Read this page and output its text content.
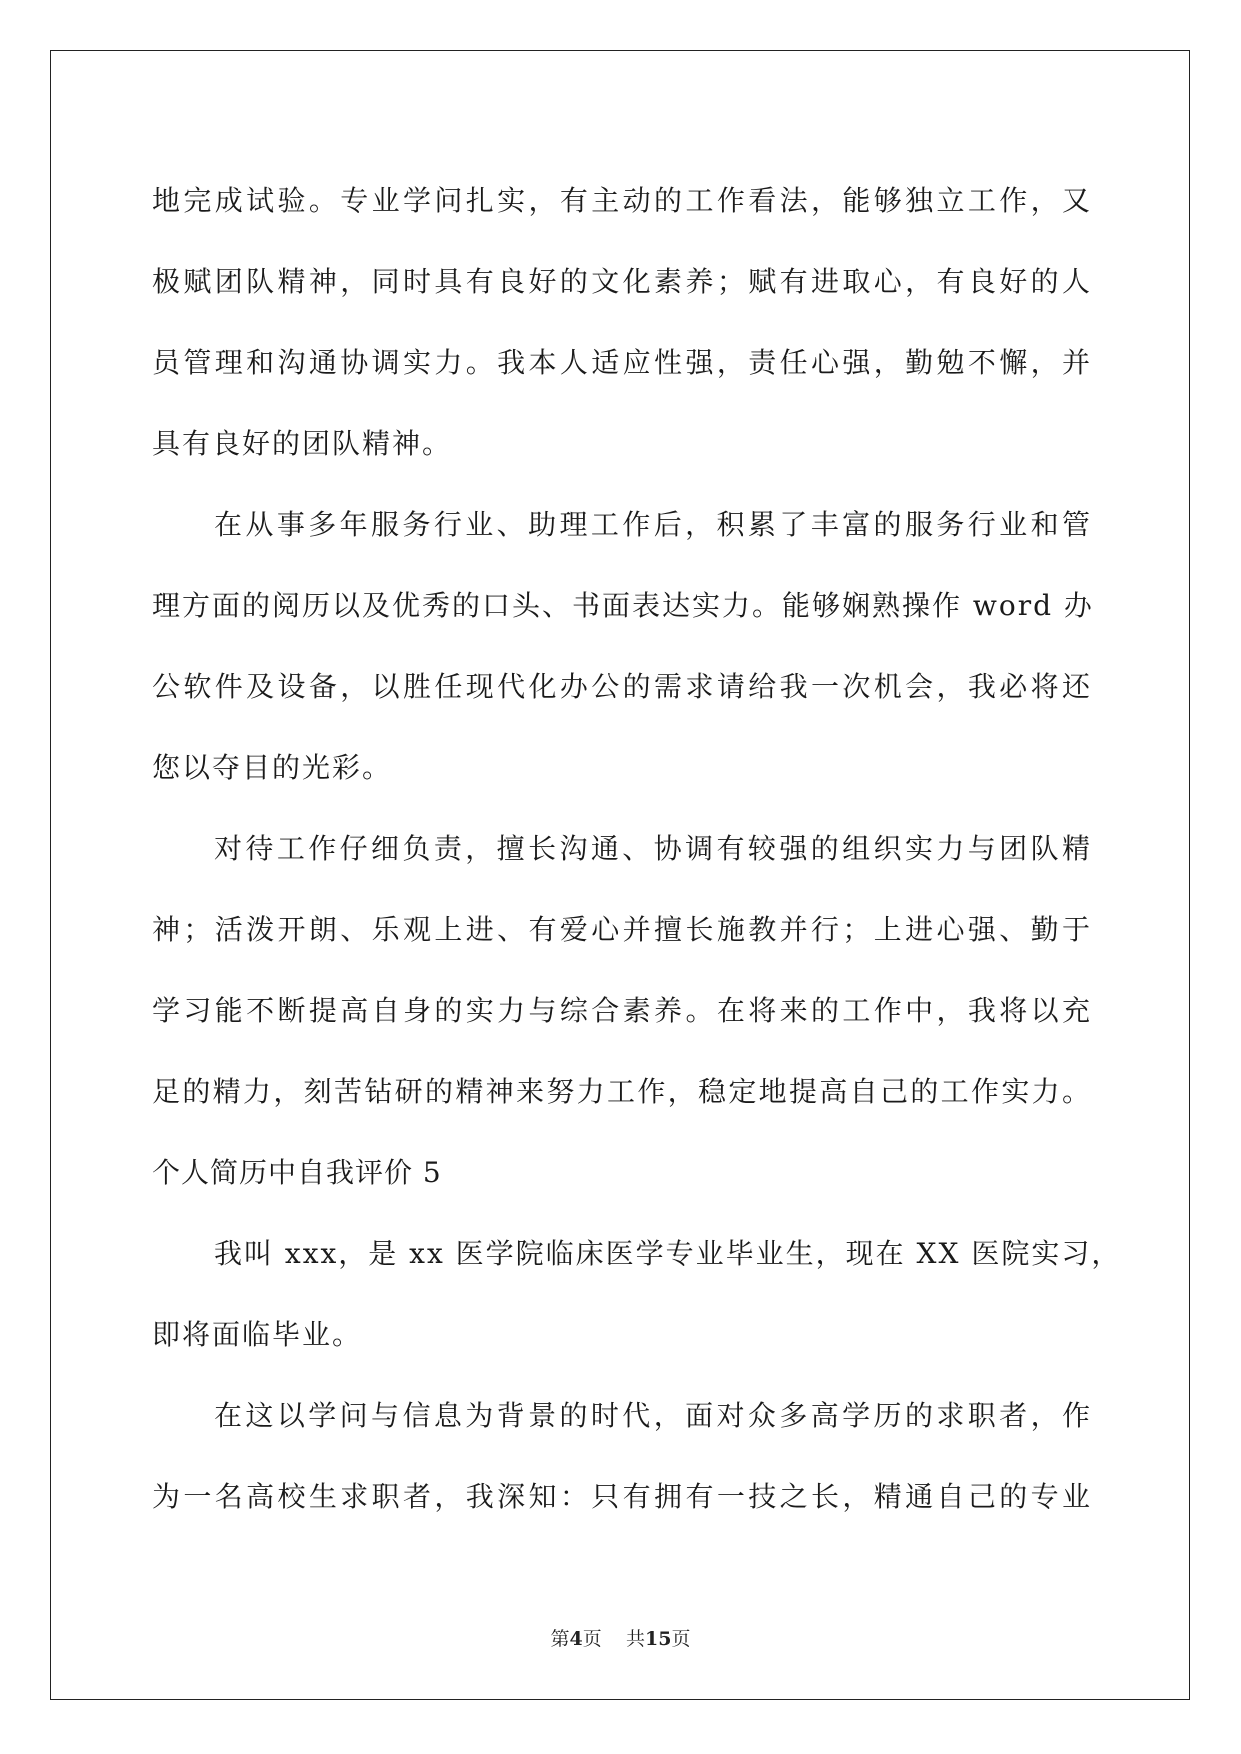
地完成试验。专业学问扎实，有主动的工作看法，能够独立工作，又
极赋团队精神，同时具有良好的文化素养；赋有进取心，有良好的人
员管理和沟通协调实力。我本人适应性强，责任心强，勤勉不懈，并
具有良好的团队精神。
在从事多年服务行业、助理工作后，积累了丰富的服务行业和管
理方面的阅历以及优秀的口头、书面表达实力。能够娴熟操作 word 办
公软件及设备，以胜任现代化办公的需求请给我一次机会，我必将还
您以夺目的光彩。
对待工作仔细负责，擅长沟通、协调有较强的组织实力与团队精
神；活泼开朗、乐观上进、有爱心并擅长施教并行；上进心强、勤于
学习能不断提高自身的实力与综合素养。在将来的工作中，我将以充
足的精力，刻苦钻研的精神来努力工作，稳定地提高自己的工作实力。
个人简历中自我评价 5
我叫 xxx，是 xx 医学院临床医学专业毕业生，现在 XX 医院实习，
即将面临毕业。
在这以学问与信息为背景的时代，面对众多高学历的求职者，作
为一名高校生求职者，我深知：只有拥有一技之长，精通自己的专业
第4页 共15页
